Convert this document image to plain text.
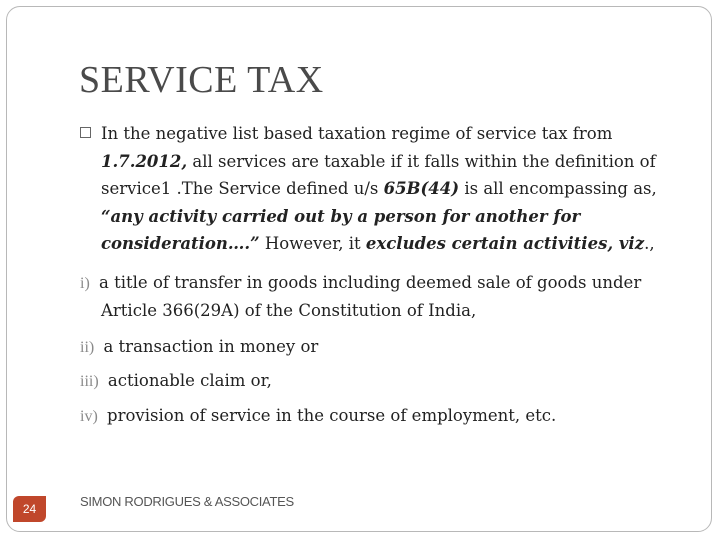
SERVICE TAX
In the negative list based taxation regime of service tax from 1.7.2012, all services are taxable if it falls within the definition of service1 .The Service defined u/s 65B(44) is all encompassing as, “any activity carried out by a person for another for consideration….” However, it excludes certain activities, viz.,
i) a title of transfer in goods including deemed sale of goods under Article 366(29A) of the Constitution of India,
ii) a transaction in money or
iii) actionable claim or,
iv) provision of service in the course of employment, etc.
24	SIMON RODRIGUES & ASSOCIATES
